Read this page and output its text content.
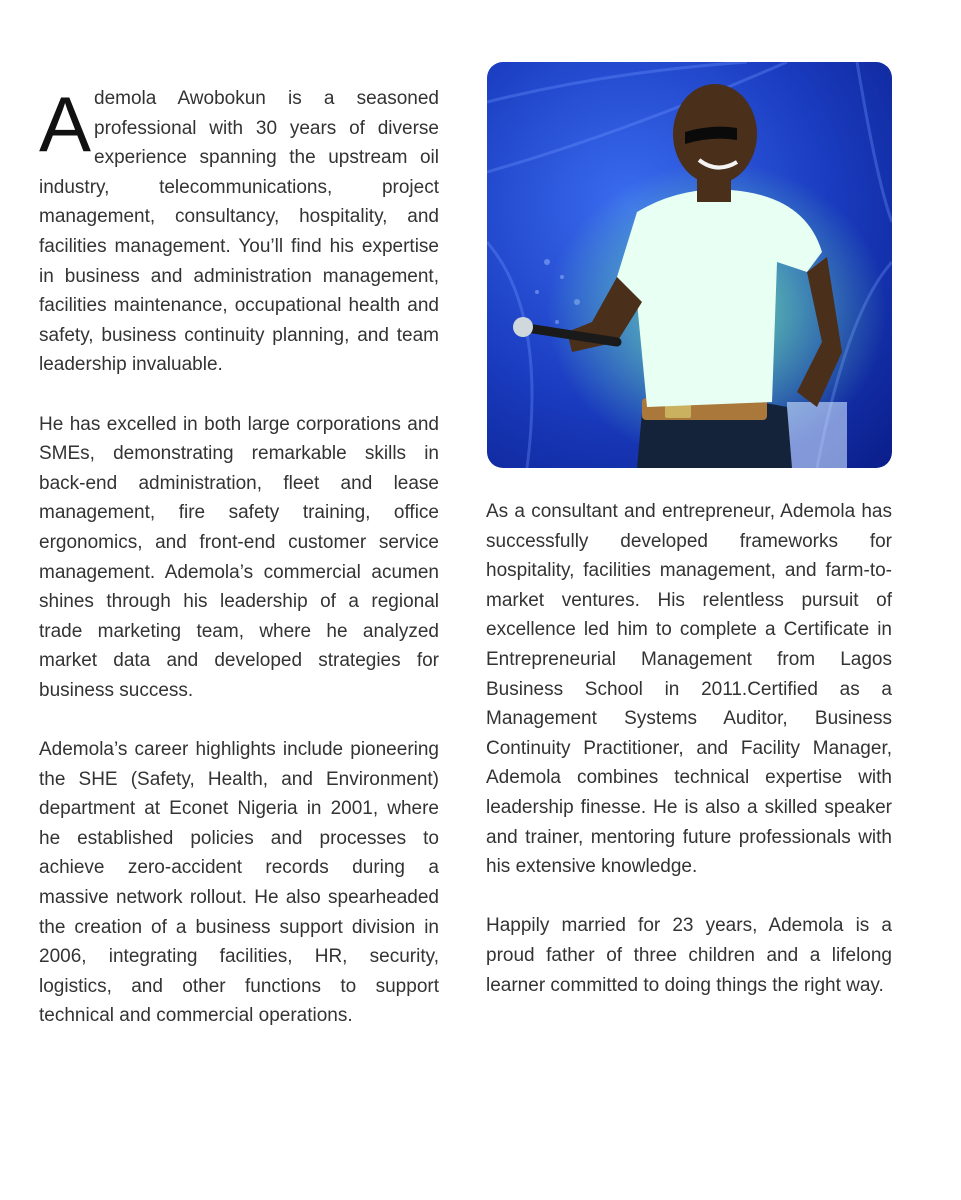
Ademola Awobokun is a seasoned professional with 30 years of diverse experience spanning the upstream oil industry, telecommunications, project management, consultancy, hospitality, and facilities management. You’ll find his expertise in business and administration management, facilities maintenance, occupational health and safety, business continuity planning, and team leadership invaluable.

He has excelled in both large corporations and SMEs, demonstrating remarkable skills in back-end administration, fleet and lease management, fire safety training, office ergonomics, and front-end customer service management. Ademola’s commercial acumen shines through his leadership of a regional trade marketing team, where he analyzed market data and developed strategies for business success.

Ademola’s career highlights include pioneering the SHE (Safety, Health, and Environment) department at Econet Nigeria in 2001, where he established policies and processes to achieve zero-accident records during a massive network rollout. He also spearheaded the creation of a business support division in 2006, integrating facilities, HR, security, logistics, and other functions to support technical and commercial operations.

As a consultant and entrepreneur, Ademola has successfully developed frameworks for hospitality, facilities management, and farm-to-market ventures. His relentless pursuit of excellence led him to complete a Certificate in Entrepreneurial Management from Lagos Business School in 2011.Certified as a Management Systems Auditor, Business Continuity Practitioner, and Facility Manager, Ademola combines technical expertise with leadership finesse. He is also a skilled speaker and trainer, mentoring future professionals with his extensive knowledge.

Happily married for 23 years, Ademola is a proud father of three children and a lifelong learner committed to doing things the right way.
